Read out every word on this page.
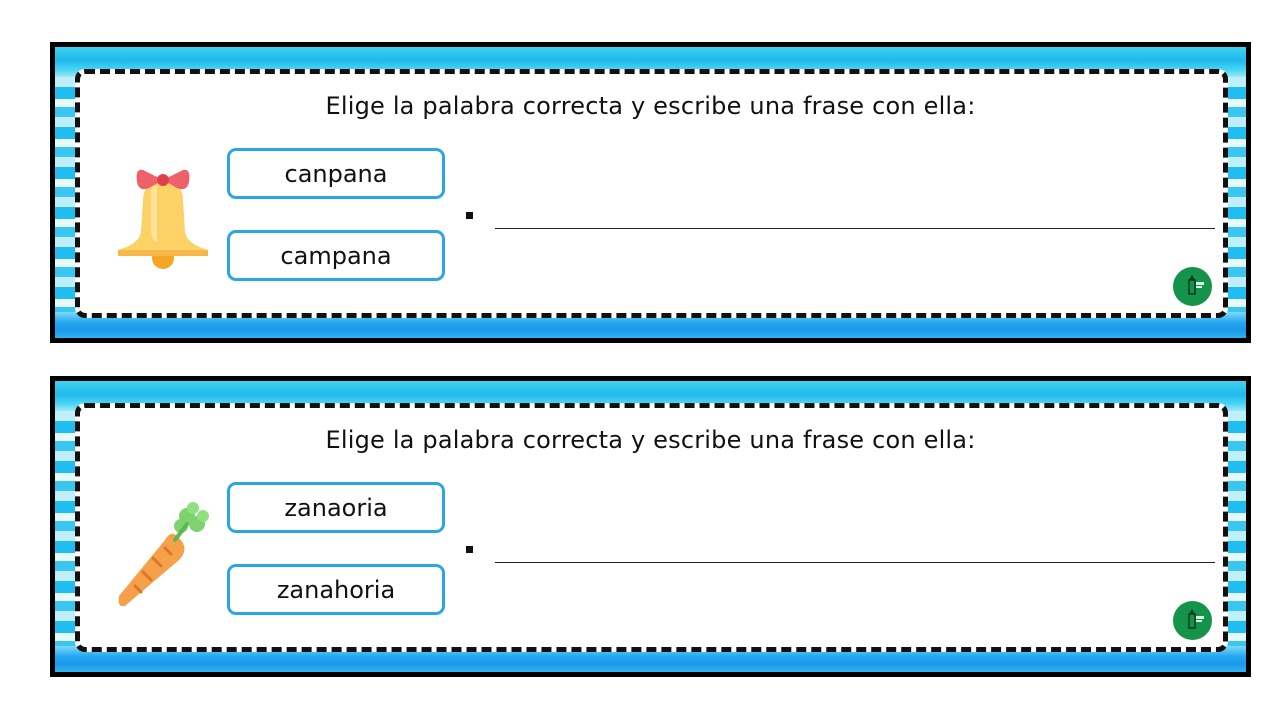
Elige la palabra correcta y escribe una frase con ella:
canpana
campana
Elige la palabra correcta y escribe una frase con ella:
zanaoria
zanahoria
